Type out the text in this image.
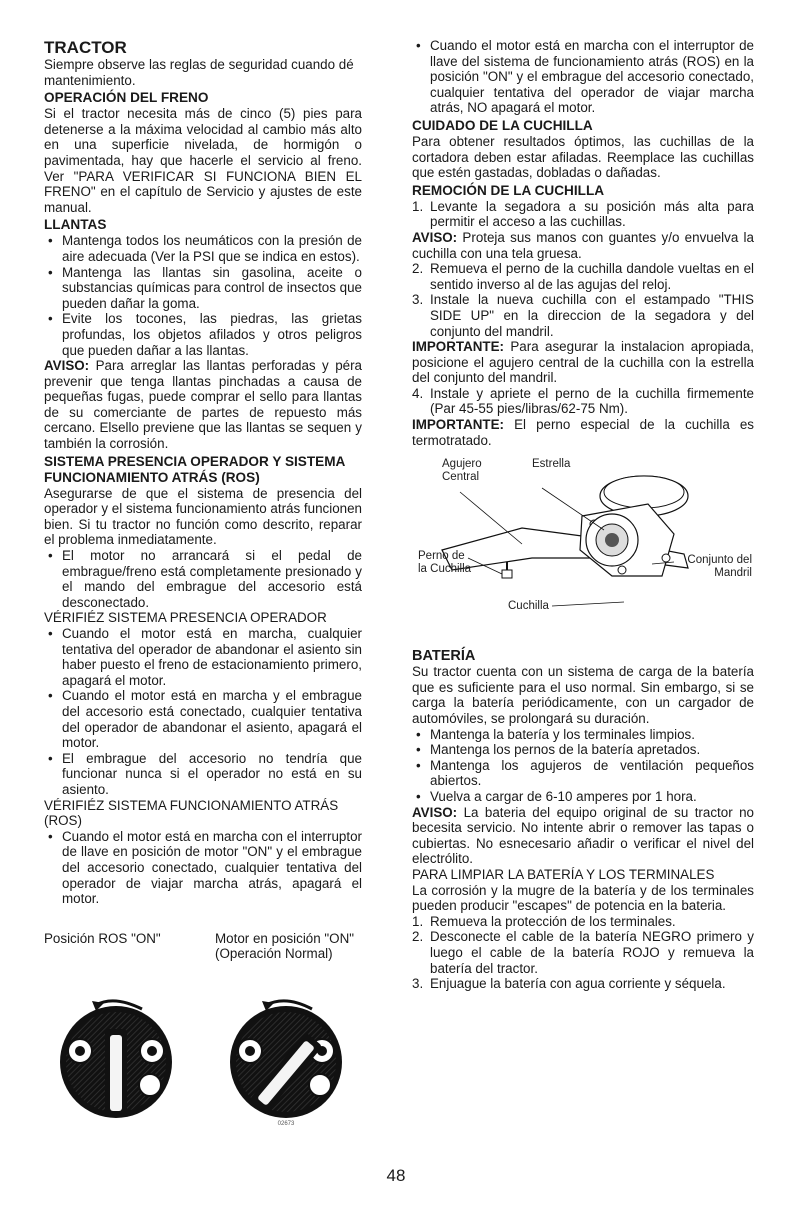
TRACTOR

Siempre observe las reglas de seguridad cuando dé mantenimiento.

OPERACIÓN DEL FRENO

Si el tractor necesita más de cinco (5) pies para detenerse a la máxima velocidad al cambio más alto en una superficie nivelada, de hormigón o pavimentada, hay que hacerle el servicio al freno. Ver "PARA VERIFICAR SI FUNCIONA BIEN EL FRENO" en el capítulo de Servicio y ajustes de este manual.

LLANTAS
• Mantenga todos los neumáticos con la presión de aire adecuada (Ver la PSI que se indica en estos).
• Mantenga las llantas sin gasolina, aceite o substancias químicas para control de insectos que pueden dañar la goma.
• Evite los tocones, las piedras, las grietas profundas, los objetos afilados y otros peligros que pueden dañar a las llantas.

AVISO: Para arreglar las llantas perforadas y péra prevenir que tenga llantas pinchadas a causa de pequeñas fugas, puede comprar el sello para llantas de su comerciante de partes de repuesto más cercano. Elsello previene que las llantas se sequen y también la corrosión.

SISTEMA PRESENCIA OPERADOR Y SISTEMA FUNCIONAMIENTO ATRÁS (ROS)

Asegurarse de que el sistema de presencia del operador y el sistema funcionamiento atrás funcionen bien. Si tu tractor no función como descrito, reparar el problema inmediatamente.

• El motor no arrancará si el pedal de embrague/freno está completamente presionado y el mando del embrague del accesorio está desconectado.

VÉRIFIÉZ SISTEMA PRESENCIA OPERADOR

• Cuando el motor está en marcha, cualquier tentativa del operador de abandonar el asiento sin haber puesto el freno de estacionamiento primero, apagará el motor.
• Cuando el motor está en marcha y el embrague del accesorio está conectado, cualquier tentativa del operador de abandonar el asiento, apagará el motor.
• El embrague del accesorio no tendría que funcionar nunca si el operador no está en su asiento.

VÉRIFIÉZ SISTEMA FUNCIONAMIENTO ATRÁS (ROS)

• Cuando el motor está en marcha con el interruptor de llave en posición de motor "ON" y el embrague del accesorio conectado, cualquier tentativa del operador de viajar marcha atrás, apagará el motor.
Posición ROS "ON"	Motor en posición "ON" (Operación Normal)
02673
• Cuando el motor está en marcha con el interruptor de llave del sistema de funcionamiento atrás (ROS) en la posición "ON" y el embrague del accesorio conectado, cualquier tentativa del operador de viajar marcha atrás, NO apagará el motor.
CUIDADO DE LA CUCHILLA

Para obtener resultados óptimos, las cuchillas de la cortadora deben estar afiladas. Reemplace las cuchillas que estén gastadas, dobladas o dañadas.

REMOCIÓN DE LA CUCHILLA
1. Levante la segadora a su posición más alta para permitir el acceso a las cuchillas.

AVISO: Proteja sus manos con guantes y/o envuelva la cuchilla con una tela gruesa.

2. Remueva el perno de la cuchilla dandole vueltas en el sentido inverso al de las agujas del reloj.
3. Instale la nueva cuchilla con el estampado "THIS SIDE UP" en la direccion de la segadora y del conjunto del mandril.

IMPORTANTE: Para asegurar la instalacion apropiada, posicione el agujero central de la cuchilla con la estrella del conjunto del mandril.

4. Instale y apriete el perno de la cuchilla firmemente (Par 45-55 pies/libras/62-75 Nm).

IMPORTANTE: El perno especial de la cuchilla es termotratado.

Agujero Central
Estrella
Perno de la Cuchilla
Conjunto del Mandril
Cuchilla
BATERÍA

Su tractor cuenta con un sistema de carga de la batería que es suficiente para el uso normal. Sin embargo, si se carga la batería periódicamente, con un cargador de automóviles, se prolongará su duración.

• Mantenga la batería y los terminales limpios.
• Mantenga los pernos de la batería apretados.
• Mantenga los agujeros de ventilación pequeños abiertos.
• Vuelva a cargar de 6-10 amperes por 1 hora.

AVISO: La bateria del equipo original de su tractor no becesita servicio. No intente abrir o remover las tapas o cubiertas. No esnecesario añadir o verificar el nivel del electrólito.

PARA LIMPIAR LA BATERÍA Y LOS TERMINALES

La corrosión y la mugre de la batería y de los terminales pueden producir "escapes" de potencia en la bateria.

1. Remueva la protección de los terminales.
2. Desconecte el cable de la batería NEGRO primero y luego el cable de la batería ROJO y remueva la batería del tractor.
3. Enjuague la batería con agua corriente y séquela.
48
